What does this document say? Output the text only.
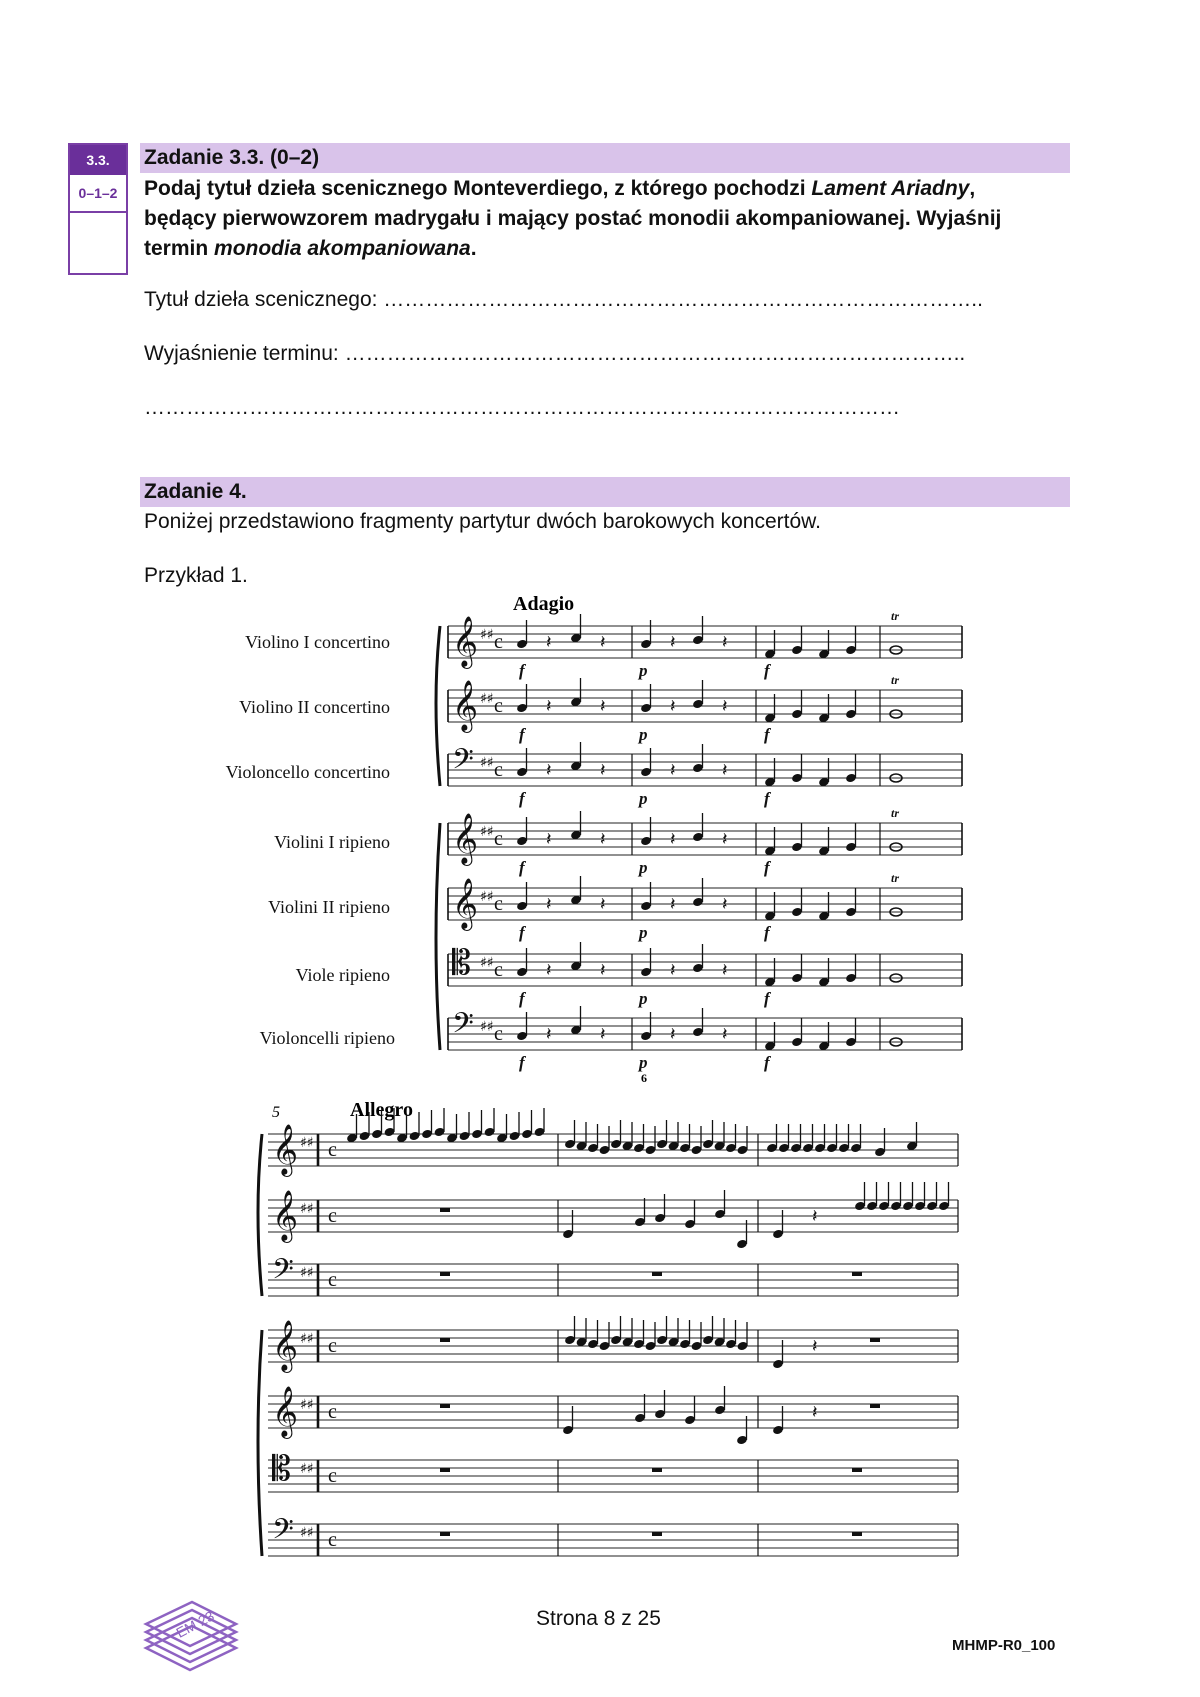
3.3.
0–1–2
Zadanie 3.3. (0–2)
Podaj tytuł dzieła scenicznego Monteverdiego, z którego pochodzi Lament Ariadny,
będący pierwowzorem madrygału i mający postać monodii akompaniowanej. Wyjaśnij
termin monodia akompaniowana.
Tytuł dzieła scenicznego: …………………………………………………………………………..
Wyjaśnienie terminu: ……………………………………………………………………………..
………………………………………………………………………………………………
Zadanie 4.
Poniżej przedstawiono fragmenty partytur dwóch barokowych koncertów.
Przykład 1.
Violino I concertino
Violino II concertino
Violoncello concertino
Violini I ripieno
Violini II ripieno
Viole ripieno
Violoncelli ripieno
Adagio
5	Allegro
6
𝄞 ♯♯ c 𝄽	𝄽	𝄽	𝄽
f	p	f
tr
𝄞 ♯♯ c 𝄽	𝄽	𝄽	𝄽
f	p	f
tr
𝄢 ♯♯ c 𝄽	𝄽	𝄽	𝄽
f	p	f
𝄞 ♯♯ c 𝄽	𝄽	𝄽	𝄽
f	p	f
tr
𝄞 ♯♯ c 𝄽	𝄽	𝄽	𝄽
f	p	f
tr
𝄡 ♯♯ c 𝄽	𝄽	𝄽	𝄽
f	p	f
𝄢 ♯♯ c 𝄽	𝄽	𝄽	𝄽
f	p	f
𝄞 ♯♯ c
𝄞 ♯♯ c
𝄢 ♯♯ c
𝄞 ♯♯ c
𝄞 ♯♯ c
𝄡 ♯♯ c
𝄢 ♯♯ c
𝄽
𝄽
𝄽
EM 23	Strona 8 z 25
MHMP-R0_100
